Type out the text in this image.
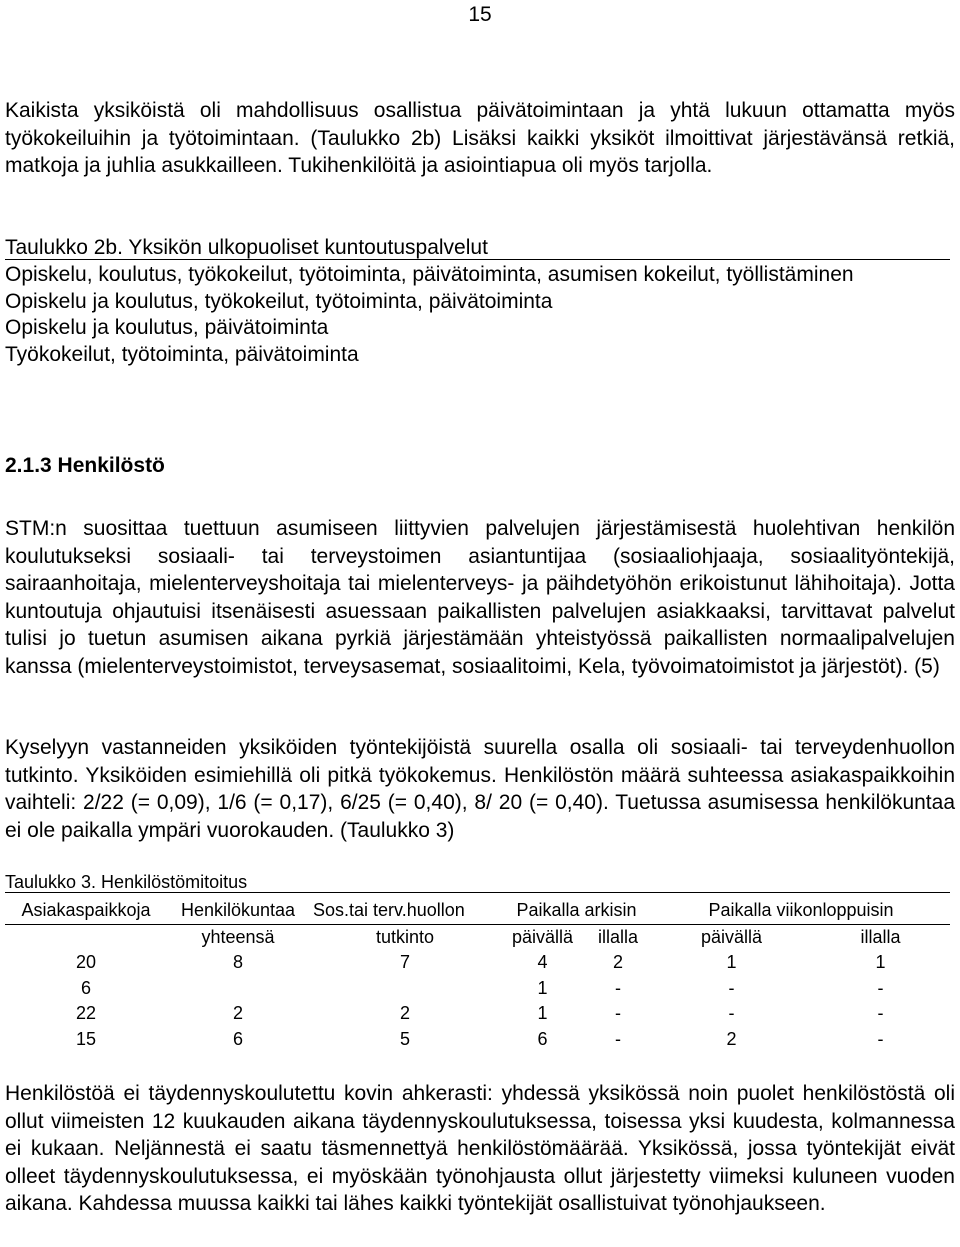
15

Kaikista yksiköistä oli mahdollisuus osallistua päivätoimintaan ja yhtä lukuun ottamatta myös työkokeiluihin ja työtoimintaan. (Taulukko 2b) Lisäksi kaikki yksiköt ilmoittivat järjestävänsä retkiä, matkoja ja juhlia asukkailleen. Tukihenkilöitä ja asiointiapua oli myös tarjolla.

Taulukko 2b. Yksikön ulkopuoliset kuntoutuspalvelut
Opiskelu, koulutus, työkokeilut, työtoiminta, päivätoiminta, asumisen kokeilut, työllistäminen
Opiskelu ja koulutus, työkokeilut, työtoiminta, päivätoiminta
Opiskelu ja koulutus, päivätoiminta
Työkokeilut, työtoiminta, päivätoiminta
2.1.3 Henkilöstö

STM:n suosittaa tuettuun asumiseen liittyvien palvelujen järjestämisestä huolehtivan henkilön koulutukseksi sosiaali- tai terveystoimen asiantuntijaa (sosiaaliohjaaja, sosiaalityöntekijä, sairaanhoitaja, mielenterveyshoitaja tai mielenterveys- ja päihdetyöhön erikoistunut lähihoitaja). Jotta kuntoutuja ohjautuisi itsenäisesti asuessaan paikallisten palvelujen asiakkaaksi, tarvittavat palvelut tulisi jo tuetun asumisen aikana pyrkiä järjestämään yhteistyössä paikallisten normaalipalvelujen kanssa (mielenterveystoimistot, terveysasemat, sosiaalitoimi, Kela, työvoimatoimistot ja järjestöt). (5)

Kyselyyn vastanneiden yksiköiden työntekijöistä suurella osalla oli sosiaali- tai terveydenhuollon tutkinto. Yksiköiden esimiehillä oli pitkä työkokemus. Henkilöstön määrä suhteessa asiakaspaikkoihin vaihteli: 2/22 (= 0,09), 1/6 (= 0,17), 6/25 (= 0,40), 8/ 20 (= 0,40). Tuetussa asumisessa henkilökuntaa ei ole paikalla ympäri vuorokauden. (Taulukko 3)

Taulukko 3. Henkilöstömitoitus
Asiakaspaikkoja	Henkilökuntaa	Sos.tai terv.huollon	Paikalla arkisin		Paikalla viikonloppuisin	
	yhteensä	tutkinto	päivällä	illalla	päivällä	illalla
20	8	7	4	2	1	1
6			1	-	-	-
22	2	2	1	-	-	-
15	6	5	6	-	2	-

Henkilöstöä ei täydennyskoulutettu kovin ahkerasti: yhdessä yksikössä noin puolet henkilöstöstä oli ollut viimeisten 12 kuukauden aikana täydennyskoulutuksessa, toisessa yksi kuudesta, kolmannessa ei kukaan. Neljännestä ei saatu täsmennettyä henkilöstömäärää. Yksikössä, jossa työntekijät eivät olleet täydennyskoulutuksessa, ei myöskään työnohjausta ollut järjestetty viimeksi kuluneen vuoden aikana. Kahdessa muussa kaikki tai lähes kaikki työntekijät osallistuivat työnohjaukseen.
